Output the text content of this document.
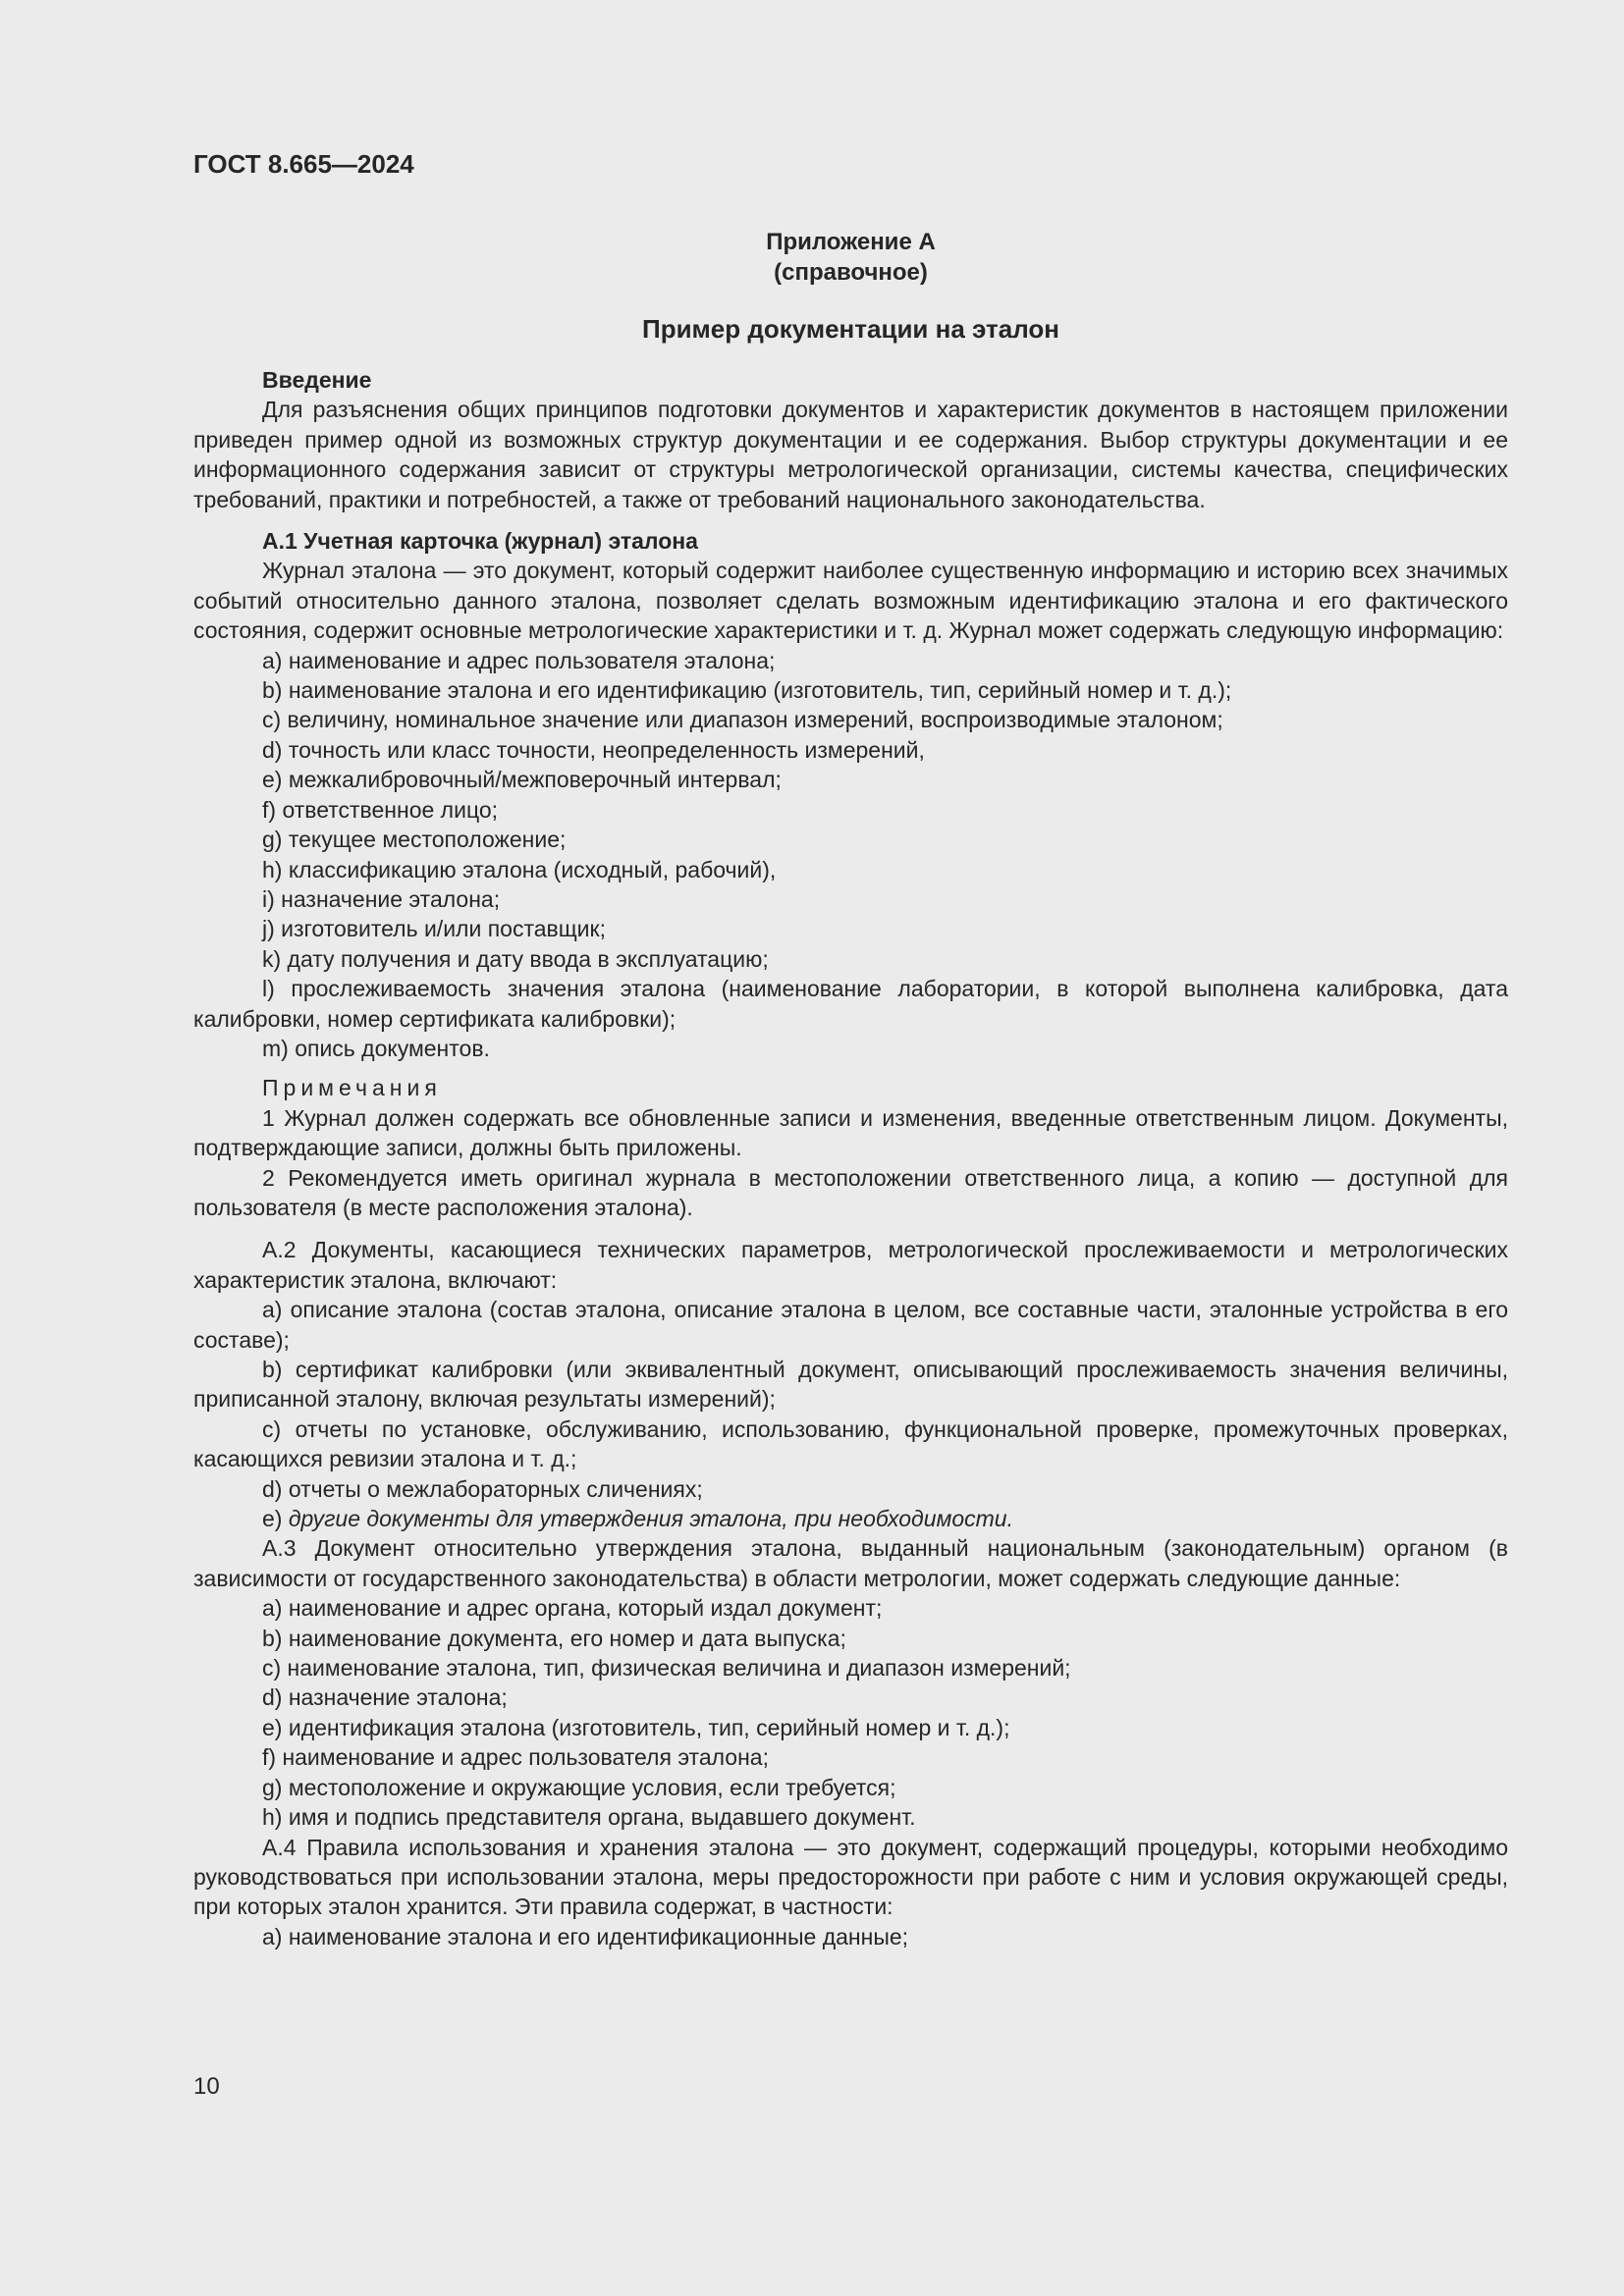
ГОСТ 8.665—2024
Приложение А
(справочное)
Пример документации на эталон
Введение
Для разъяснения общих принципов подготовки документов и характеристик документов в настоящем приложении приведен пример одной из возможных структур документации и ее содержания. Выбор структуры документации и ее информационного содержания зависит от структуры метрологической организации, системы качества, специфических требований, практики и потребностей, а также от требований национального законодательства.
А.1 Учетная карточка (журнал) эталона
Журнал эталона — это документ, который содержит наиболее существенную информацию и историю всех значимых событий относительно данного эталона, позволяет сделать возможным идентификацию эталона и его фактического состояния, содержит основные метрологические характеристики и т. д. Журнал может содержать следующую информацию:
a) наименование и адрес пользователя эталона;
b) наименование эталона и его идентификацию (изготовитель, тип, серийный номер и т. д.);
c) величину, номинальное значение или диапазон измерений, воспроизводимые эталоном;
d) точность или класс точности, неопределенность измерений,
e) межкалибровочный/межповерочный интервал;
f) ответственное лицо;
g) текущее местоположение;
h) классификацию эталона (исходный, рабочий),
i) назначение эталона;
j) изготовитель и/или поставщик;
k) дату получения и дату ввода в эксплуатацию;
l) прослеживаемость значения эталона (наименование лаборатории, в которой выполнена калибровка, дата калибровки, номер сертификата калибровки);
m) опись документов.
Примечания
1 Журнал должен содержать все обновленные записи и изменения, введенные ответственным лицом. Документы, подтверждающие записи, должны быть приложены.
2 Рекомендуется иметь оригинал журнала в местоположении ответственного лица, а копию — доступной для пользователя (в месте расположения эталона).
А.2 Документы, касающиеся технических параметров, метрологической прослеживаемости и метрологических характеристик эталона, включают:
a) описание эталона (состав эталона, описание эталона в целом, все составные части, эталонные устройства в его составе);
b) сертификат калибровки (или эквивалентный документ, описывающий прослеживаемость значения величины, приписанной эталону, включая результаты измерений);
c) отчеты по установке, обслуживанию, использованию, функциональной проверке, промежуточных проверках, касающихся ревизии эталона и т. д.;
d) отчеты о межлабораторных сличениях;
e) другие документы для утверждения эталона, при необходимости.
А.3 Документ относительно утверждения эталона, выданный национальным (законодательным) органом (в зависимости от государственного законодательства) в области метрологии, может содержать следующие данные:
a) наименование и адрес органа, который издал документ;
b) наименование документа, его номер и дата выпуска;
c) наименование эталона, тип, физическая величина и диапазон измерений;
d) назначение эталона;
e) идентификация эталона (изготовитель, тип, серийный номер и т. д.);
f) наименование и адрес пользователя эталона;
g) местоположение и окружающие условия, если требуется;
h) имя и подпись представителя органа, выдавшего документ.
А.4 Правила использования и хранения эталона — это документ, содержащий процедуры, которыми необходимо руководствоваться при использовании эталона, меры предосторожности при работе с ним и условия окружающей среды, при которых эталон хранится. Эти правила содержат, в частности:
a) наименование эталона и его идентификационные данные;
10
